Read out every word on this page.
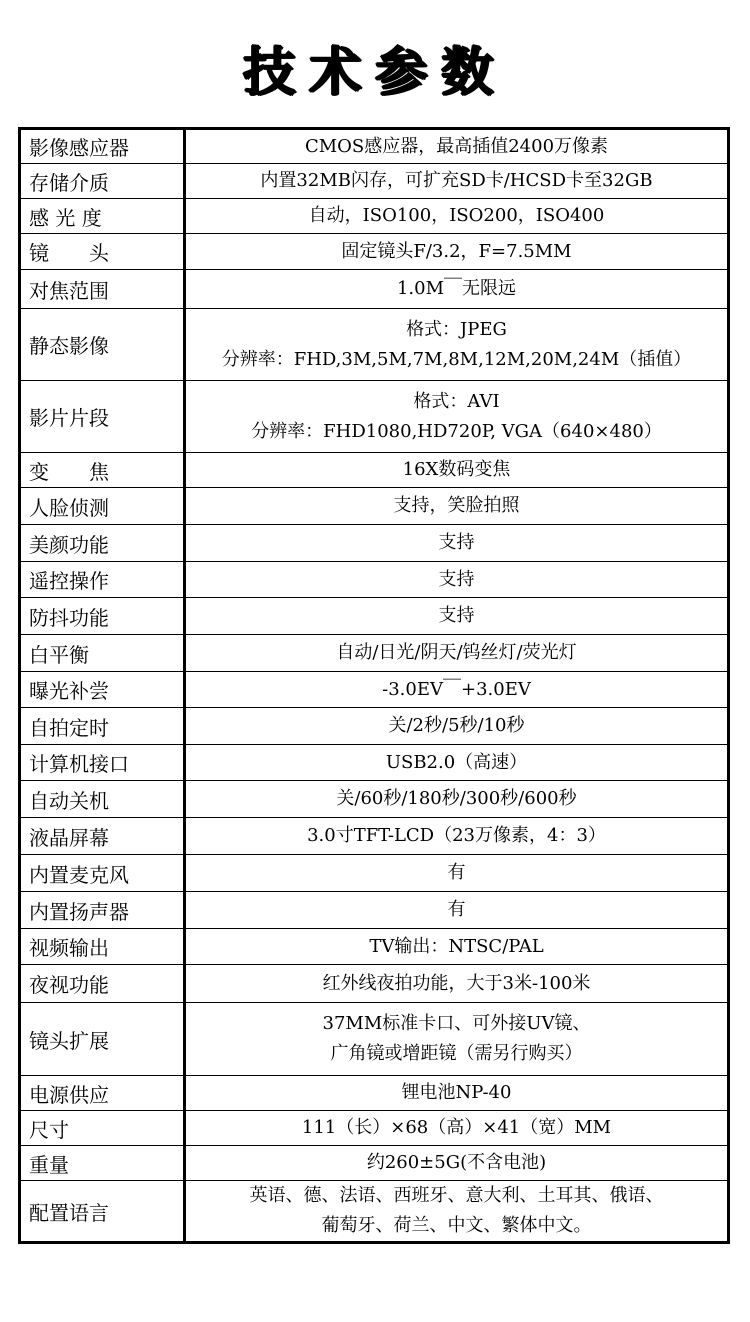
技术参数
影像感应器	CMOS感应器，最高插值2400万像素

存储介质	内置32MB闪存，可扩充SD卡/HCSD卡至32GB

感 光 度	自动，ISO100，ISO200，ISO400

镜　　头	固定镜头F/3.2，F=7.5MM

对焦范围	1.0M￣无限远

静态影像	格式：JPEG
分辨率：FHD,3M,5M,7M,8M,12M,20M,24M（插值）

影片片段	格式：AVI
分辨率：FHD1080,HD720P, VGA（640×480）

变　　焦	16X数码变焦

人脸侦测	支持，笑脸拍照

美颜功能	支持

遥控操作	支持

防抖功能	支持

白平衡	自动/日光/阴天/钨丝灯/荧光灯

曝光补尝	-3.0EV￣+3.0EV

自拍定时	关/2秒/5秒/10秒

计算机接口	USB2.0（高速）

自动关机	关/60秒/180秒/300秒/600秒

液晶屏幕	3.0寸TFT-LCD（23万像素，4：3）

内置麦克风	有

内置扬声器	有

视频输出	TV输出：NTSC/PAL

夜视功能	红外线夜拍功能，大于3米-100米

镜头扩展	37MM标准卡口、可外接UV镜、
广角镜或增距镜（需另行购买）

电源供应	锂电池NP-40

尺寸	111（长）×68（高）×41（宽）MM

重量	约260±5G(不含电池)

配置语言	英语、德、法语、西班牙、意大利、土耳其、俄语、
葡萄牙、荷兰、中文、繁体中文。
